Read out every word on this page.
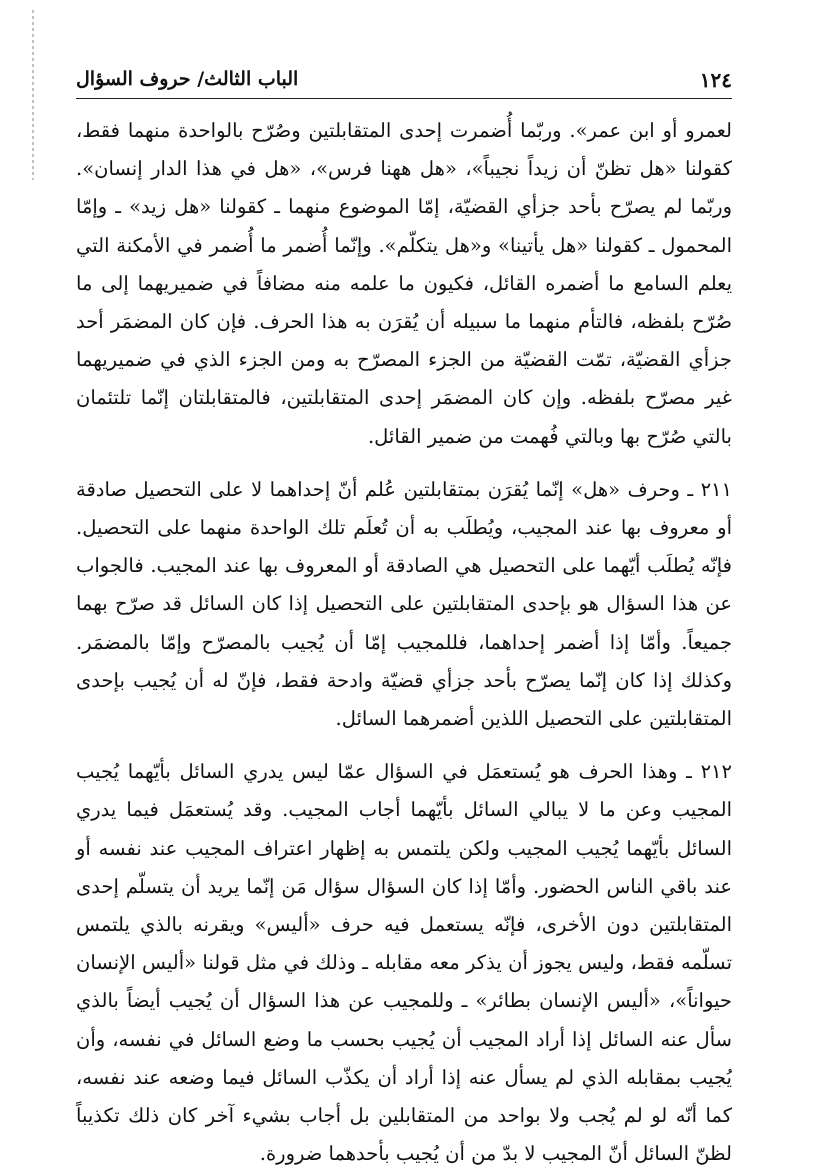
١٢٤
الباب الثالث/ حروف السؤال

لعمرو أو ابن عمر». وربّما أُضمرت إحدى المتقابلتين وصُرّح بالواحدة منهما فقط، كقولنا «هل تظنّ أن زيداً نجيباً»، «هل ههنا فرس»، «هل في هذا الدار إنسان». وربّما لم يصرّح بأحد جزأي القضيّة، إمّا الموضوع منهما ـ كقولنا «هل زيد» ـ وإمّا المحمول ـ كقولنا «هل يأتينا» و«هل يتكلّم». وإنّما أُضمر ما أُضمر في الأمكنة التي يعلم السامع ما أضمره القائل، فكيون ما علمه منه مضافاً في ضميريهما إلى ما صُرّح بلفظه، فالتأم منهما ما سبيله أن يُقرَن به هذا الحرف. فإن كان المضمَر أحد جزأي القضيّة، تمّت القضيّة من الجزء المصرّح به ومن الجزء الذي في ضميريهما غير مصرّح بلفظه. وإن كان المضمَر إحدى المتقابلتين، فالمتقابلتان إنّما تلتئمان بالتي صُرّح بها وبالتي فُهمت من ضمير القائل.

٢١١ ـ وحرف «هل» إنّما يُقرَن بمتقابلتين عُلم أنّ إحداهما لا على التحصيل صادقة أو معروف بها عند المجيب، ويُطلَب به أن تُعلَم تلك الواحدة منهما على التحصيل. فإنّه يُطلَب أيّهما على التحصيل هي الصادقة أو المعروف بها عند المجيب. فالجواب عن هذا السؤال هو بإحدى المتقابلتين على التحصيل إذا كان السائل قد صرّح بهما جميعاً. وأمّا إذا أضمر إحداهما، فللمجيب إمّا أن يُجيب بالمصرّح وإمّا بالمضمَر. وكذلك إذا كان إنّما يصرّح بأحد جزأي قضيّة وادحة فقط، فإنّ له أن يُجيب بإحدى المتقابلتين على التحصيل اللذين أضمرهما السائل.

٢١٢ ـ وهذا الحرف هو يُستعمَل في السؤال عمّا ليس يدري السائل بأيّهما يُجيب المجيب وعن ما لا يبالي السائل بأيّهما أجاب المجيب. وقد يُستعمَل فيما يدري السائل بأيّهما يُجيب المجيب ولكن يلتمس به إظهار اعتراف المجيب عند نفسه أو عند باقي الناس الحضور. وأمّا إذا كان السؤال سؤال مَن إنّما يريد أن يتسلّم إحدى المتقابلتين دون الأخرى، فإنّه يستعمل فيه حرف «أليس» ويقرنه بالذي يلتمس تسلّمه فقط، وليس يجوز أن يذكر معه مقابله ـ وذلك في مثل قولنا «أليس الإنسان حيواناً»، «أليس الإنسان بطائر» ـ وللمجيب عن هذا السؤال أن يُجيب أيضاً بالذي سأل عنه السائل إذا أراد المجيب أن يُجيب بحسب ما وضع السائل في نفسه، وأن يُجيب بمقابله الذي لم يسأل عنه إذا أراد أن يكذّب السائل فيما وضعه عند نفسه، كما أنّه لو لم يُجب ولا بواحد من المتقابلين بل أجاب بشيء آخر كان ذلك تكذيباً لظنّ السائل أنّ المجيب لا بدّ من أن يُجيب بأحدهما ضرورة.
